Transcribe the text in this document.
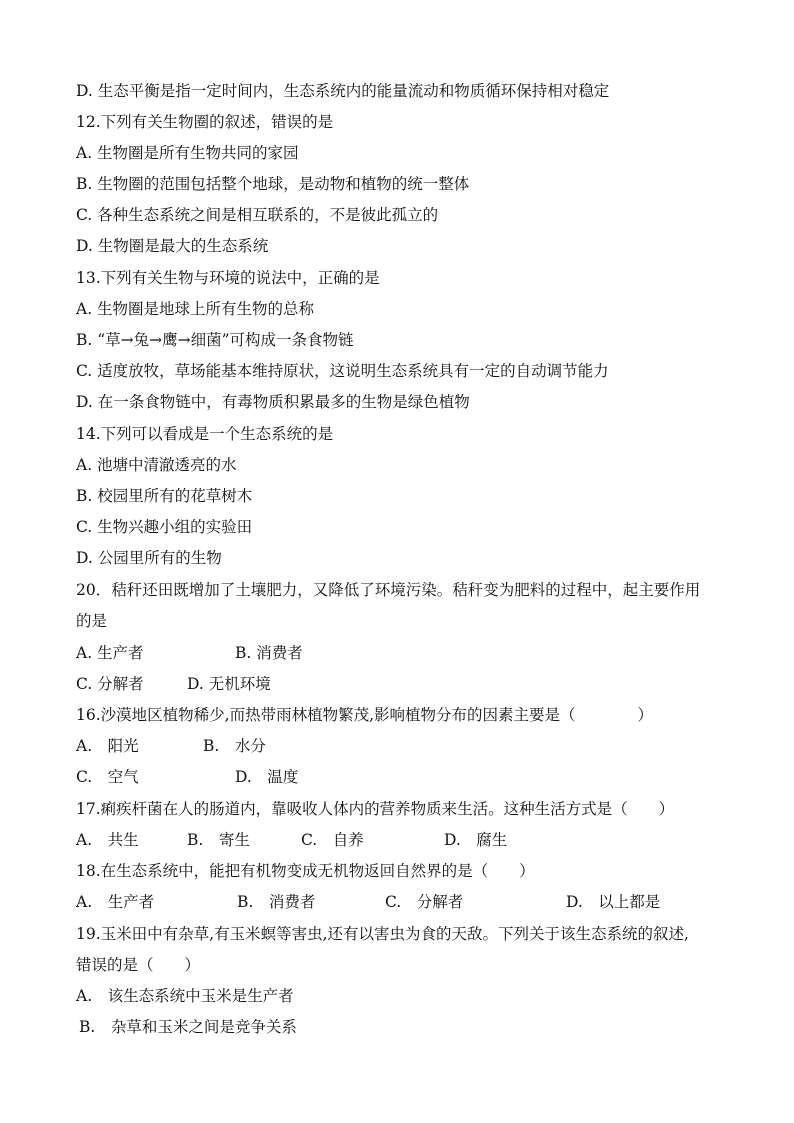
D. 生态平衡是指一定时间内，生态系统内的能量流动和物质循环保持相对稳定
12.下列有关生物圈的叙述，错误的是
A. 生物圈是所有生物共同的家园
B. 生物圈的范围包括整个地球，是动物和植物的统一整体
C. 各种生态系统之间是相互联系的，不是彼此孤立的
D. 生物圈是最大的生态系统
13.下列有关生物与环境的说法中，正确的是
A. 生物圈是地球上所有生物的总称
B. “草→兔→鹰→细菌”可构成一条食物链
C. 适度放牧，草场能基本维持原状，这说明生态系统具有一定的自动调节能力
D. 在一条食物链中，有毒物质积累最多的生物是绿色植物
14.下列可以看成是一个生态系统的是
A. 池塘中清澈透亮的水
B. 校园里所有的花草树木
C. 生物兴趣小组的实验田
D. 公园里所有的生物
20．秸秆还田既增加了土壤肥力，又降低了环境污染。秸秆变为肥料的过程中，起主要作用
的是
A. 生产者	B. 消费者
C. 分解者	D. 无机环境
16.沙漠地区植物稀少,而热带雨林植物繁茂,影响植物分布的因素主要是（　　　　）
A.　阳光	B.　水分
C.　空气	D.　温度
17.痢疾杆菌在人的肠道内，靠吸收人体内的营养物质来生活。这种生活方式是（　　）
A.　共生	B.　寄生	C.　自养	D.　腐生
18.在生态系统中，能把有机物变成无机物返回自然界的是（　　）
A.　生产者	B.　消费者	C.　分解者	D.　以上都是
19.玉米田中有杂草,有玉米螟等害虫,还有以害虫为食的天敌。下列关于该生态系统的叙述,
错误的是（　　）
A.　该生态系统中玉米是生产者
B.　杂草和玉米之间是竞争关系
